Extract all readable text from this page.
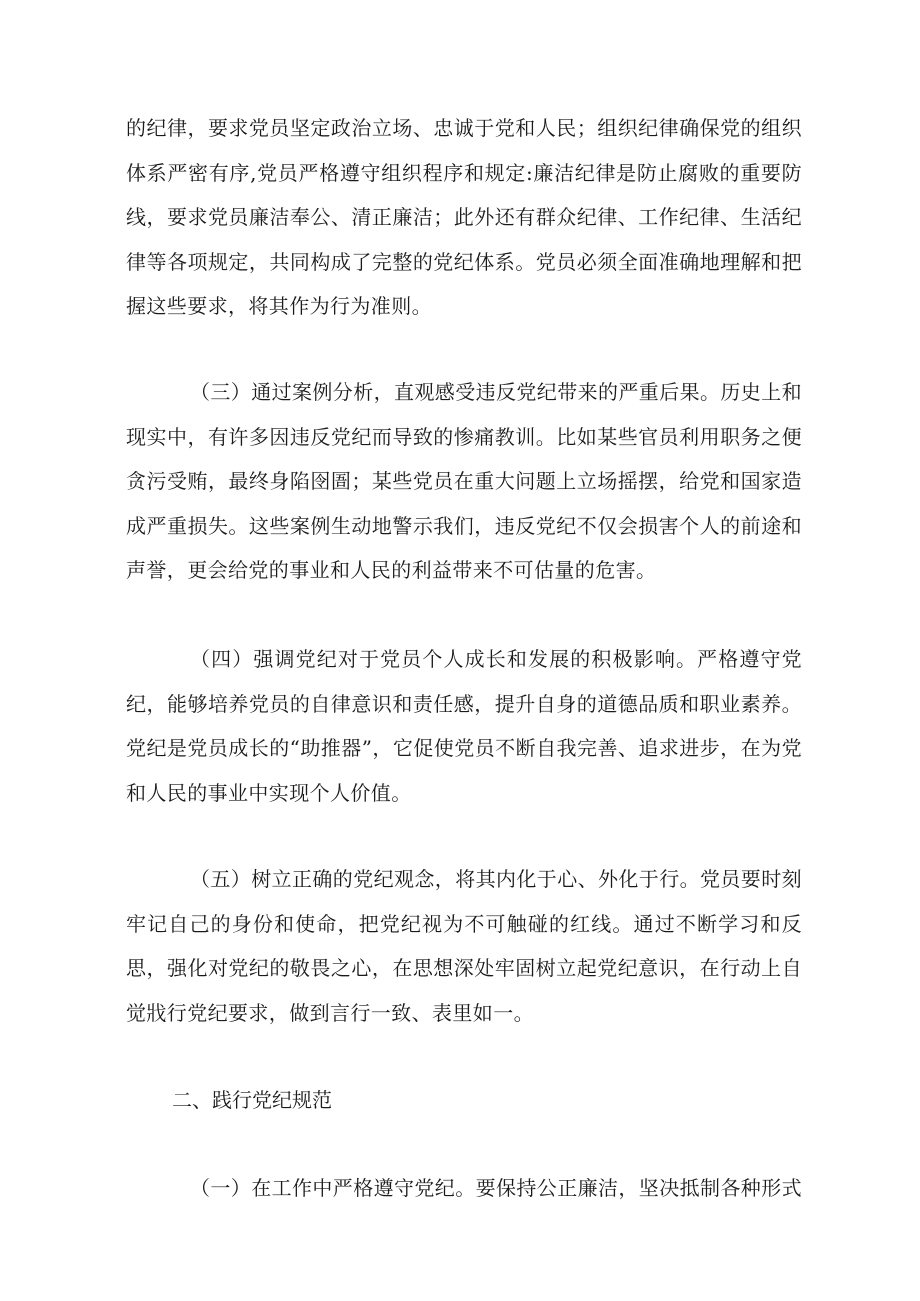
的纪律，要求党员坚定政治立场、忠诚于党和人民；组织纪律确保党的组织体系严密有序,党员严格遵守组织程序和规定:廉洁纪律是防止腐败的重要防线，要求党员廉洁奉公、清正廉洁；此外还有群众纪律、工作纪律、生活纪律等各项规定，共同构成了完整的党纪体系。党员必须全面准确地理解和把握这些要求，将其作为行为准则。

（三）通过案例分析，直观感受违反党纪带来的严重后果。历史上和现实中，有许多因违反党纪而导致的惨痛教训。比如某些官员利用职务之便贪污受贿，最终身陷囹圄；某些党员在重大问题上立场摇摆，给党和国家造成严重损失。这些案例生动地警示我们，违反党纪不仅会损害个人的前途和声誉，更会给党的事业和人民的利益带来不可估量的危害。

（四）强调党纪对于党员个人成长和发展的积极影响。严格遵守党纪，能够培养党员的自律意识和责任感，提升自身的道德品质和职业素养。党纪是党员成长的“助推器”，它促使党员不断自我完善、追求进步，在为党和人民的事业中实现个人价值。

（五）树立正确的党纪观念，将其内化于心、外化于行。党员要时刻牢记自己的身份和使命，把党纪视为不可触碰的红线。通过不断学习和反思，强化对党纪的敬畏之心，在思想深处牢固树立起党纪意识，在行动上自觉戕行党纪要求，做到言行一致、表里如一。

二、践行党纪规范

（一）在工作中严格遵守党纪。要保持公正廉洁，坚决抵制各种形式
